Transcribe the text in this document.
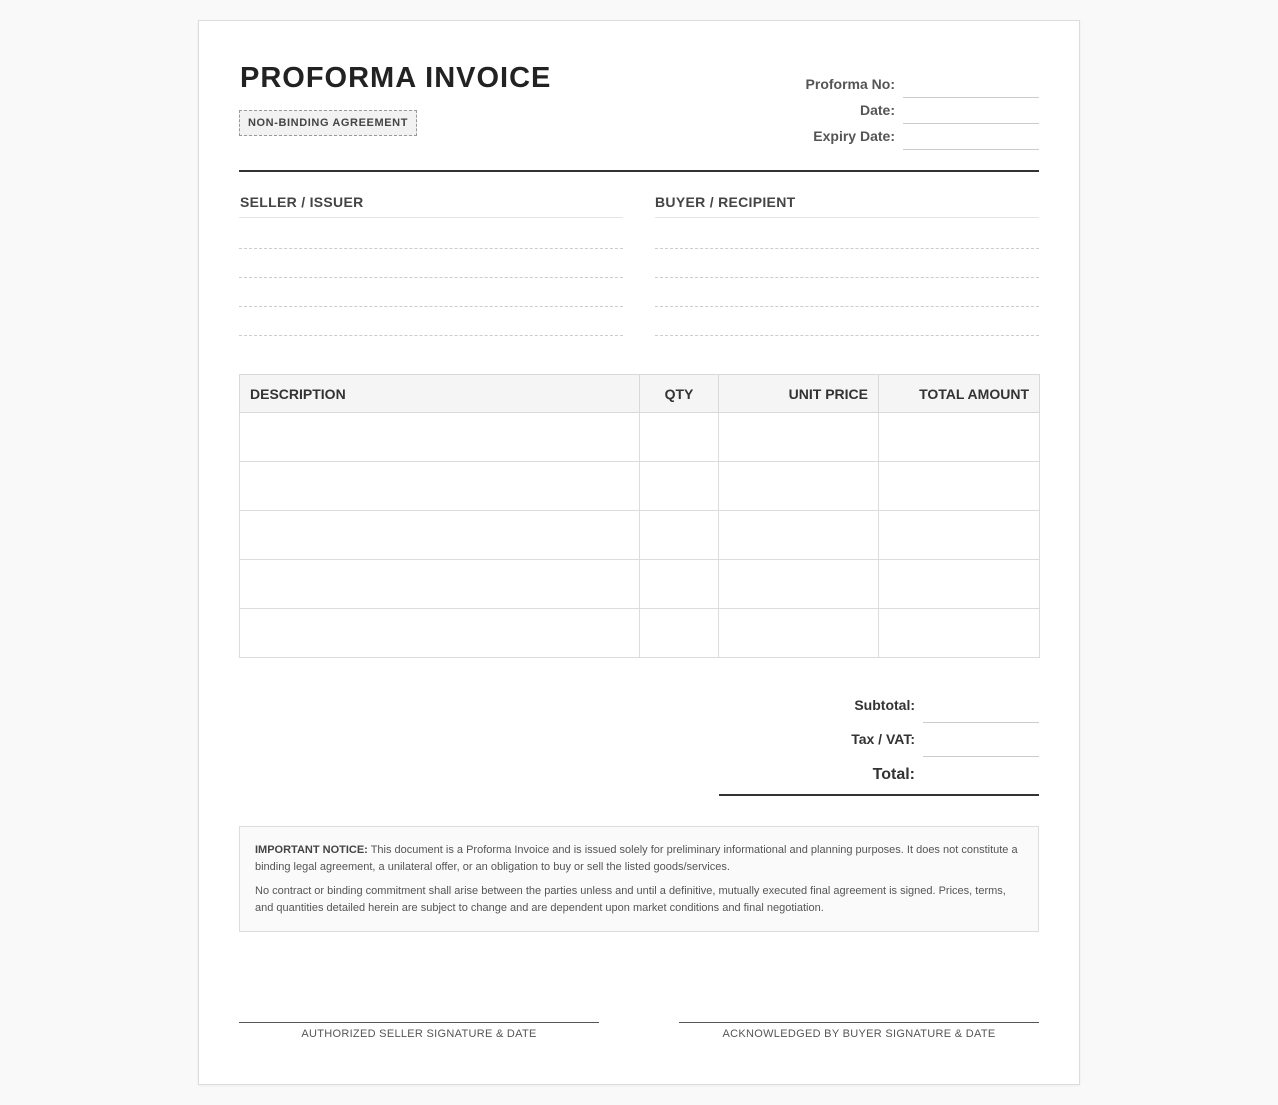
PROFORMA INVOICE
NON-BINDING AGREEMENT
Proforma No:
Date:
Expiry Date:
SELLER / ISSUER	BUYER / RECIPIENT
DESCRIPTION	QTY	UNIT PRICE	TOTAL AMOUNT

Subtotal:
Tax / VAT:
Total:

IMPORTANT NOTICE: This document is a Proforma Invoice and is issued solely for preliminary informational and planning purposes. It does not constitute a binding legal agreement, a unilateral offer, or an obligation to buy or sell the listed goods/services.

No contract or binding commitment shall arise between the parties unless and until a definitive, mutually executed final agreement is signed. Prices, terms, and quantities detailed herein are subject to change and are dependent upon market conditions and final negotiation.

AUTHORIZED SELLER SIGNATURE & DATE	ACKNOWLEDGED BY BUYER SIGNATURE & DATE
